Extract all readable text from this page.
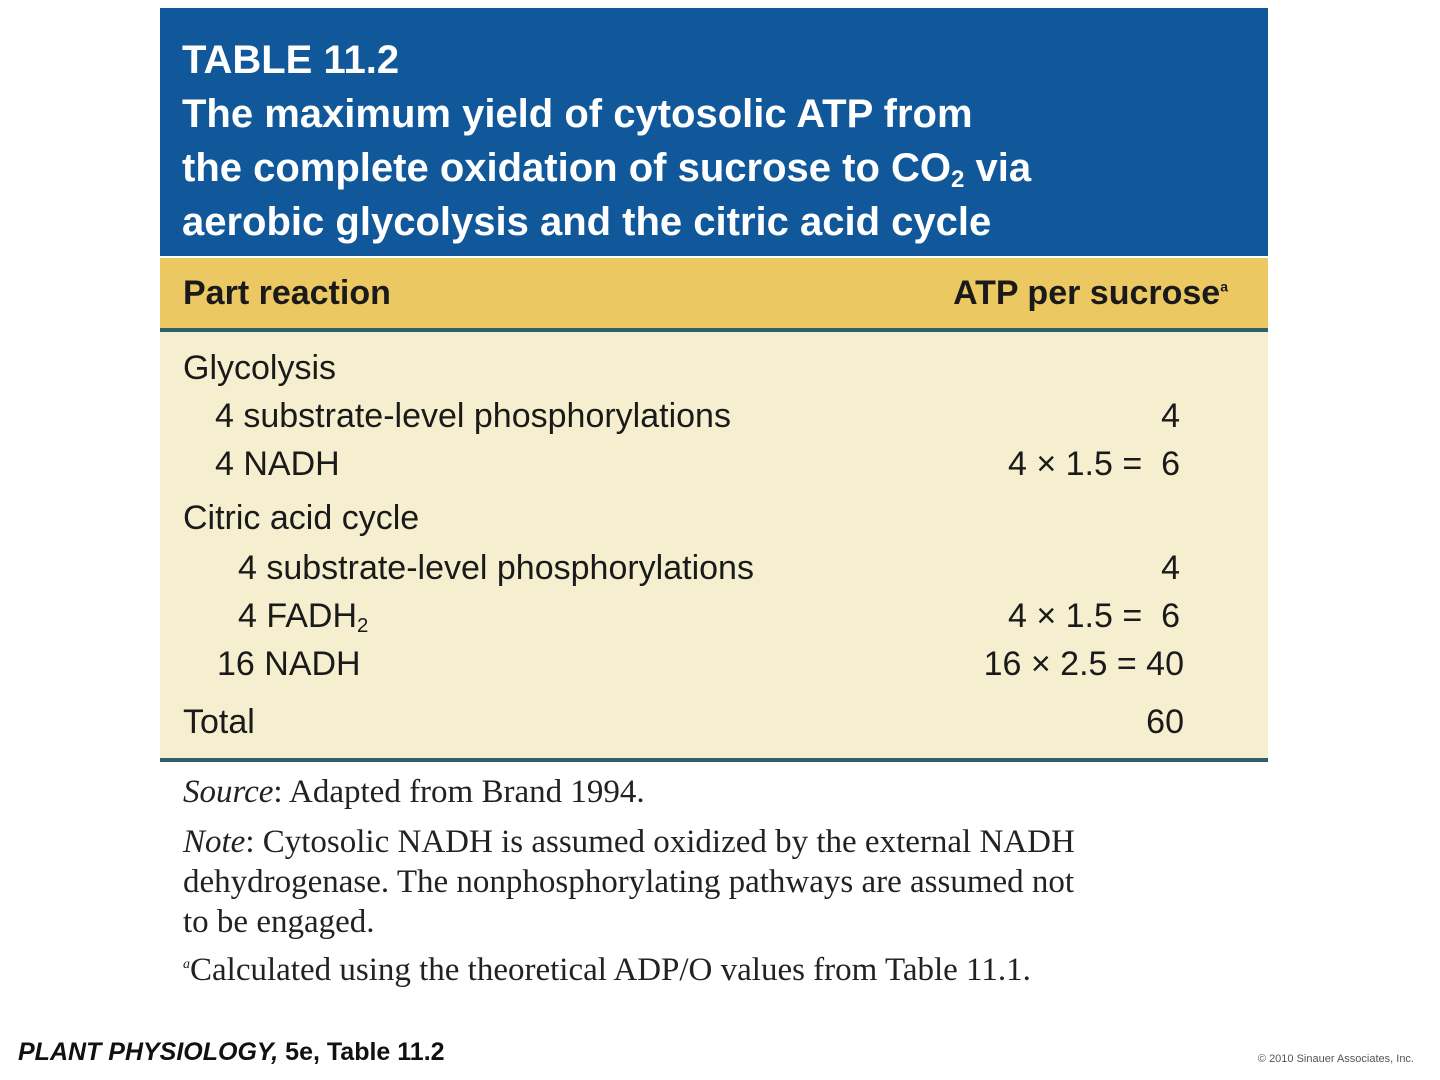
TABLE 11.2
The maximum yield of cytosolic ATP from
the complete oxidation of sucrose to $CO_2$ via
aerobic glycolysis and the citric acid cycle
Part reaction	ATP per sucrose$^a$
Glycolysis
4 substrate-level phosphorylations	4
4 NADH	4 × 1.5 =  6
Citric acid cycle
4 substrate-level phosphorylations	4
4 $FADH_2$	4 × 1.5 =  6
16 NADH	16 × 2.5 = 40
Total	60
Source: Adapted from Brand 1994.
Note: Cytosolic NADH is assumed oxidized by the external NADH
dehydrogenase. The nonphosphorylating pathways are assumed not
to be engaged.
$^a$Calculated using the theoretical ADP/O values from Table 11.1.
PLANT PHYSIOLOGY, 5e, Table 11.2	© 2010 Sinauer Associates, Inc.
